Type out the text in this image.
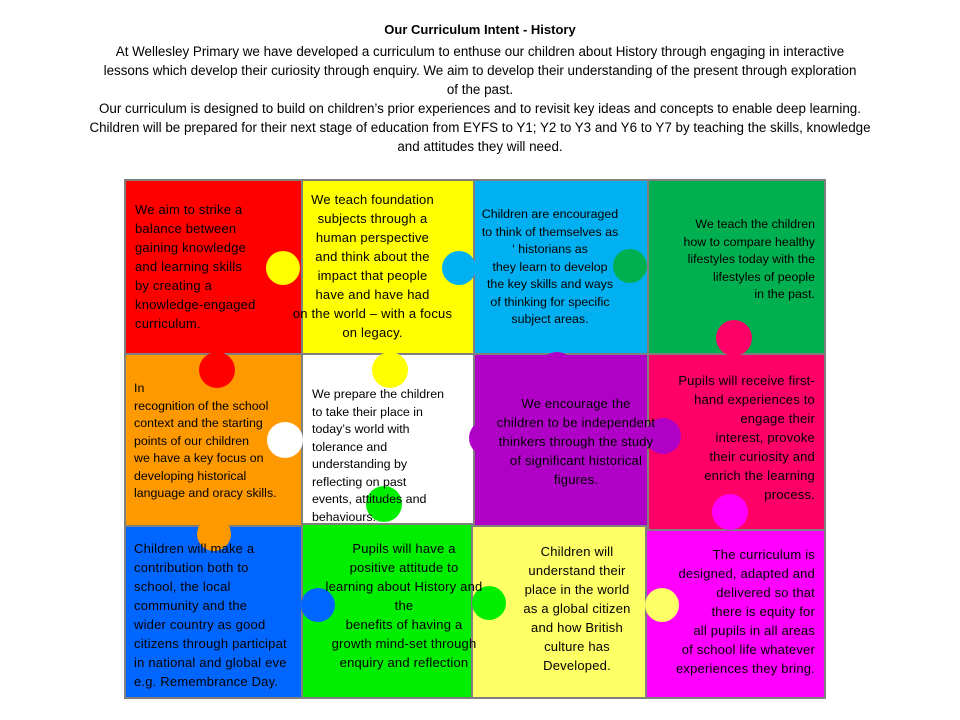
Our Curriculum Intent - History

At Wellesley Primary we have developed a curriculum to enthuse our children about History through engaging in interactive

lessons which develop their curiosity through enquiry. We aim to develop their understanding of the present through exploration

of the past.

Our curriculum is designed to build on children’s prior experiences and to revisit key ideas and concepts to enable deep learning.

Children will be prepared for their next stage of education from EYFS to Y1; Y2 to Y3 and Y6 to Y7 by teaching the skills, knowledge

and attitudes they will need.

We aim to strike a
balance between
gaining knowledge
and learning skills
by creating a
knowledge-engaged
curriculum.
We teach foundation
subjects through a
human perspective
and think about the
impact that people
have and have had
on the world – with a focus
on legacy.
Children are encouraged
to think of themselves as
‘ historians as
they learn to develop
the key skills and ways
of thinking for specific
subject areas.
We teach the children
how to compare healthy
lifestyles today with the
lifestyles of people
in the past.
In
recognition of the school
context and the starting
points of our children
we have a key focus on
developing historical
language and oracy skills.
We prepare the children
to take their place in
today’s world with
tolerance and
understanding by
reflecting on past
events, attitudes and
behaviours.
We encourage the
children to be independent
thinkers through the study
of significant historical
figures.
Pupils will receive first-
hand experiences to
engage their
interest, provoke
their curiosity and
enrich the learning
process.
Children will make a
contribution both to
school, the local
community and the
wider country as good
citizens through participat
in national and global eve
e.g. Remembrance Day.
Pupils will have a
positive attitude to
learning about History and
the
benefits of having a
growth mind-set through
enquiry and reflection
Children will
understand their
place in the world
as a global citizen
and how British
culture has
Developed.
The curriculum is
designed, adapted and
delivered so that
there is equity for
all pupils in all areas
of school life whatever
experiences they bring.
